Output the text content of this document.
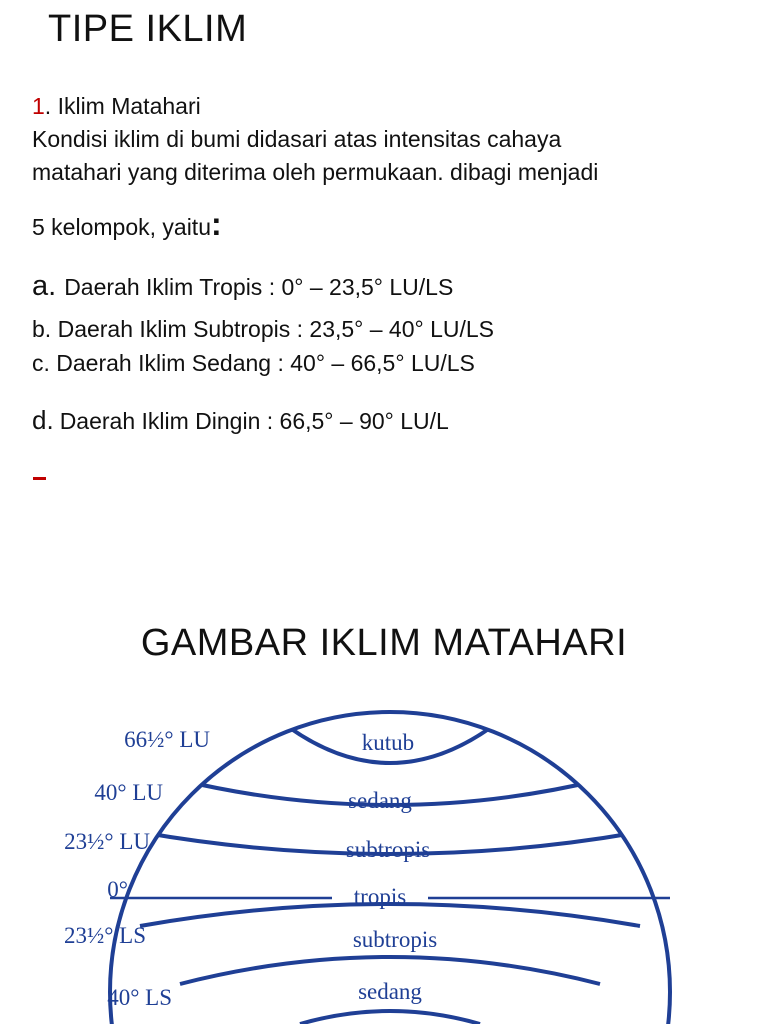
TIPE IKLIM
1. Iklim Matahari
Kondisi iklim di bumi didasari atas intensitas cahaya
matahari yang diterima oleh permukaan. dibagi menjadi
5 kelompok, yaitu:
a. Daerah Iklim Tropis : 0° – 23,5° LU/LS
b. Daerah Iklim Subtropis : 23,5° – 40° LU/LS
c. Daerah Iklim Sedang : 40° – 66,5° LU/LS
d. Daerah Iklim Dingin : 66,5° – 90° LU/L
GAMBAR IKLIM MATAHARI
66½° LU
40° LU
23½° LU
0°
23½° LS
40° LS
kutub
sedang
subtropis
tropis
subtropis
sedang
